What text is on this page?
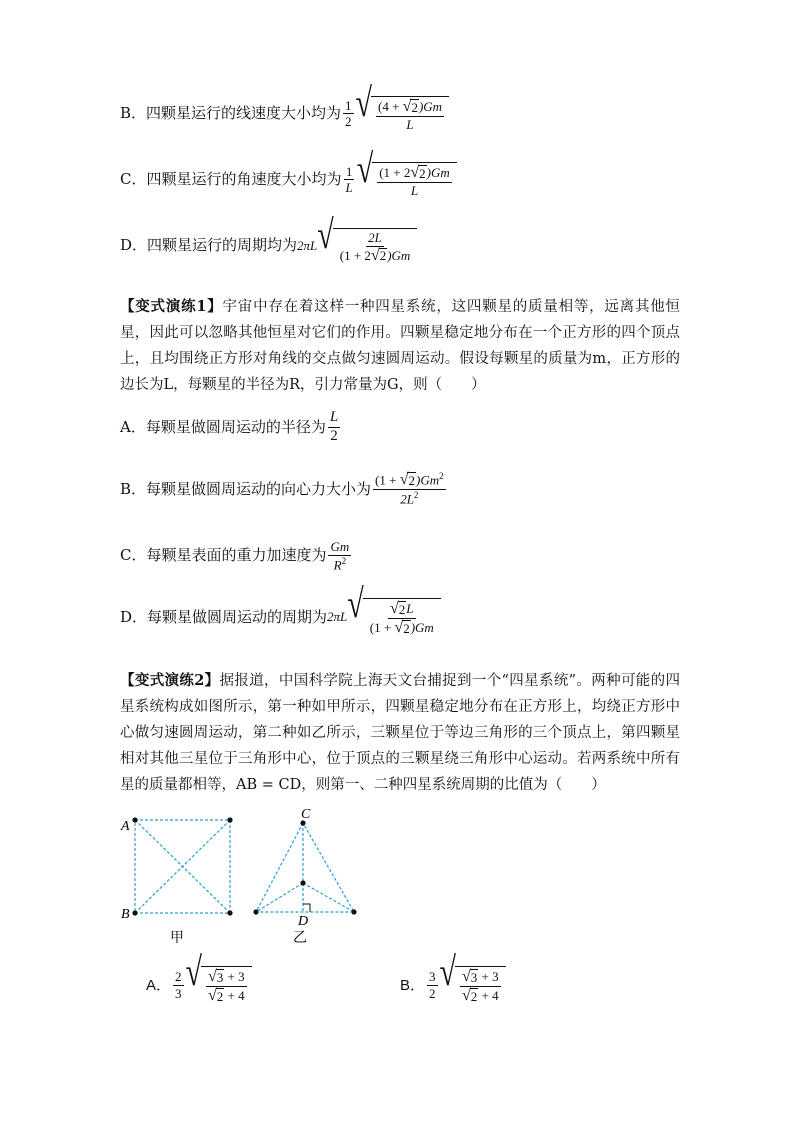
B．四颗星运行的线速度大小均为 $\frac{1}{2}$ √ $\frac{(4 + √ 2 )Gm}{L}$
C．四颗星运行的角速度大小均为 $\frac{1}{L}$ √ $\frac{(1 + 2 √ 2 )Gm}{L}$
D．四颗星运行的周期均为 2πL √ $\frac{2L}{(1 + 2 √ 2 )Gm}$
【变式演练1】宇宙中存在着这样一种四星系统，这四颗星的质量相等，远离其他恒星，因此可以忽略其他恒星对它们的作用。四颗星稳定地分布在一个正方形的四个顶点上，且均围绕正方形对角线的交点做匀速圆周运动。假设每颗星的质量为m，正方形的边长为L，每颗星的半径为R，引力常量为G，则（　　）
A．每颗星做圆周运动的半径为 $\frac{L}{2}$
B．每颗星做圆周运动的向心力大小为 $\frac{(1 + √ 2 )Gm^2}{2L^2}$
C．每颗星表面的重力加速度为 $\frac{Gm}{R^2}$
D．每颗星做圆周运动的周期为 2πL √ $\frac{√ 2 L}{(1 + √ 2 )Gm}$
【变式演练2】据报道，中国科学院上海天文台捕捉到一个“四星系统”。两种可能的四星系统构成如图所示，第一种如甲所示，四颗星稳定地分布在正方形上，均绕正方形中心做匀速圆周运动，第二种如乙所示，三颗星位于等边三角形的三个顶点上，第四颗星相对其他三星位于三角形中心，位于顶点的三颗星绕三角形中心运动。若两系统中所有星的质量都相等，AB = CD，则第一、二种四星系统周期的比值为（　　）
A
B
甲
C
D
乙
A． $\frac{2}{3}$ √ $\frac{√ 3 + 3}{√ 2 + 4}$	B． $\frac{3}{2}$ √ $\frac{√ 3 + 3}{√ 2 + 4}$
